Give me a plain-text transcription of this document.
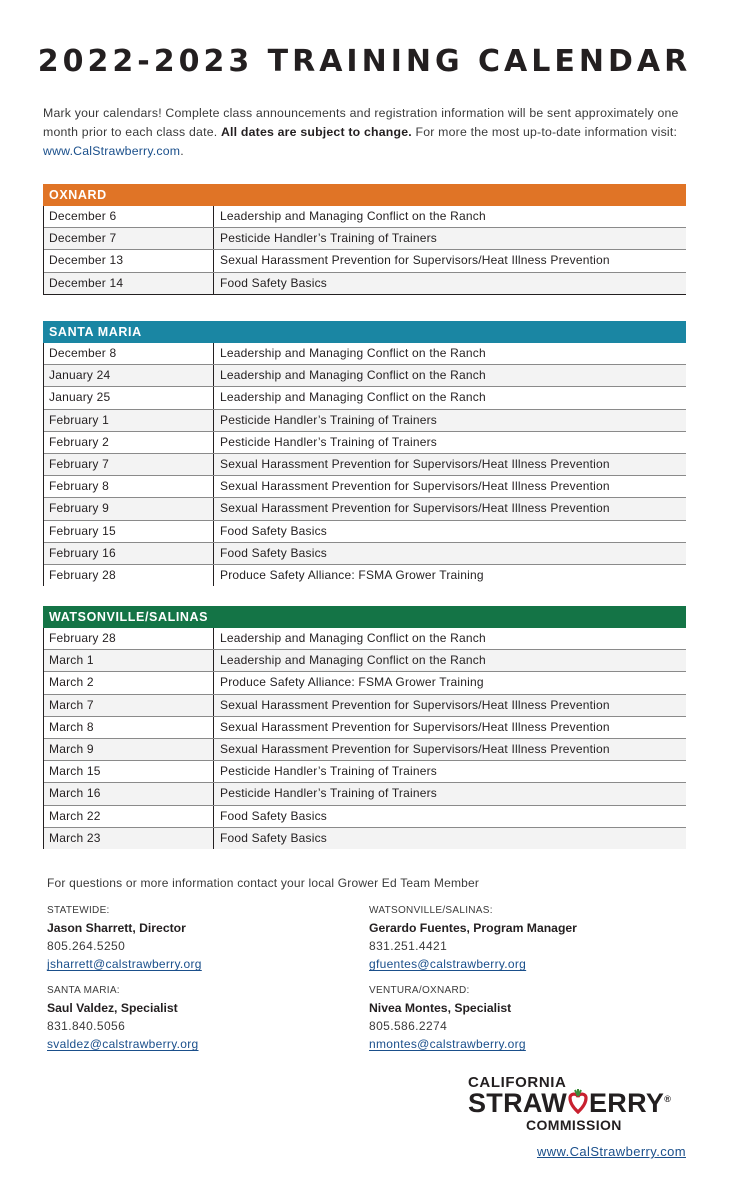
2022-2023 TRAINING CALENDAR
Mark your calendars! Complete class announcements and registration information will be sent approximately one month prior to each class date. All dates are subject to change. For more the most up-to-date information visit: www.CalStrawberry.com.
OXNARD
December 6	Leadership and Managing Conflict on the Ranch
December 7	Pesticide Handler’s Training of Trainers
December 13	Sexual Harassment Prevention for Supervisors/Heat Illness Prevention
December 14	Food Safety Basics
SANTA MARIA
December 8	Leadership and Managing Conflict on the Ranch
January 24	Leadership and Managing Conflict on the Ranch
January 25	Leadership and Managing Conflict on the Ranch
February 1	Pesticide Handler’s Training of Trainers
February 2	Pesticide Handler’s Training of Trainers
February 7	Sexual Harassment Prevention for Supervisors/Heat Illness Prevention
February 8	Sexual Harassment Prevention for Supervisors/Heat Illness Prevention
February 9	Sexual Harassment Prevention for Supervisors/Heat Illness Prevention
February 15	Food Safety Basics
February 16	Food Safety Basics
February 28	Produce Safety Alliance: FSMA Grower Training
WATSONVILLE/SALINAS
February 28	Leadership and Managing Conflict on the Ranch
March 1	Leadership and Managing Conflict on the Ranch
March 2	Produce Safety Alliance: FSMA Grower Training
March 7	Sexual Harassment Prevention for Supervisors/Heat Illness Prevention
March 8	Sexual Harassment Prevention for Supervisors/Heat Illness Prevention
March 9	Sexual Harassment Prevention for Supervisors/Heat Illness Prevention
March 15	Pesticide Handler’s Training of Trainers
March 16	Pesticide Handler’s Training of Trainers
March 22	Food Safety Basics
March 23	Food Safety Basics
For questions or more information contact your local Grower Ed Team Member
STATEWIDE:
Jason Sharrett, Director
805.264.5250
jsharrett@calstrawberry.org
WATSONVILLE/SALINAS:
Gerardo Fuentes, Program Manager
831.251.4421
gfuentes@calstrawberry.org
SANTA MARIA:
Saul Valdez, Specialist
831.840.5056
svaldez@calstrawberry.org
VENTURA/OXNARD:
Nivea Montes, Specialist
805.586.2274
nmontes@calstrawberry.org
CALIFORNIA
STRAW ERRY®
COMMISSION
www.CalStrawberry.com
